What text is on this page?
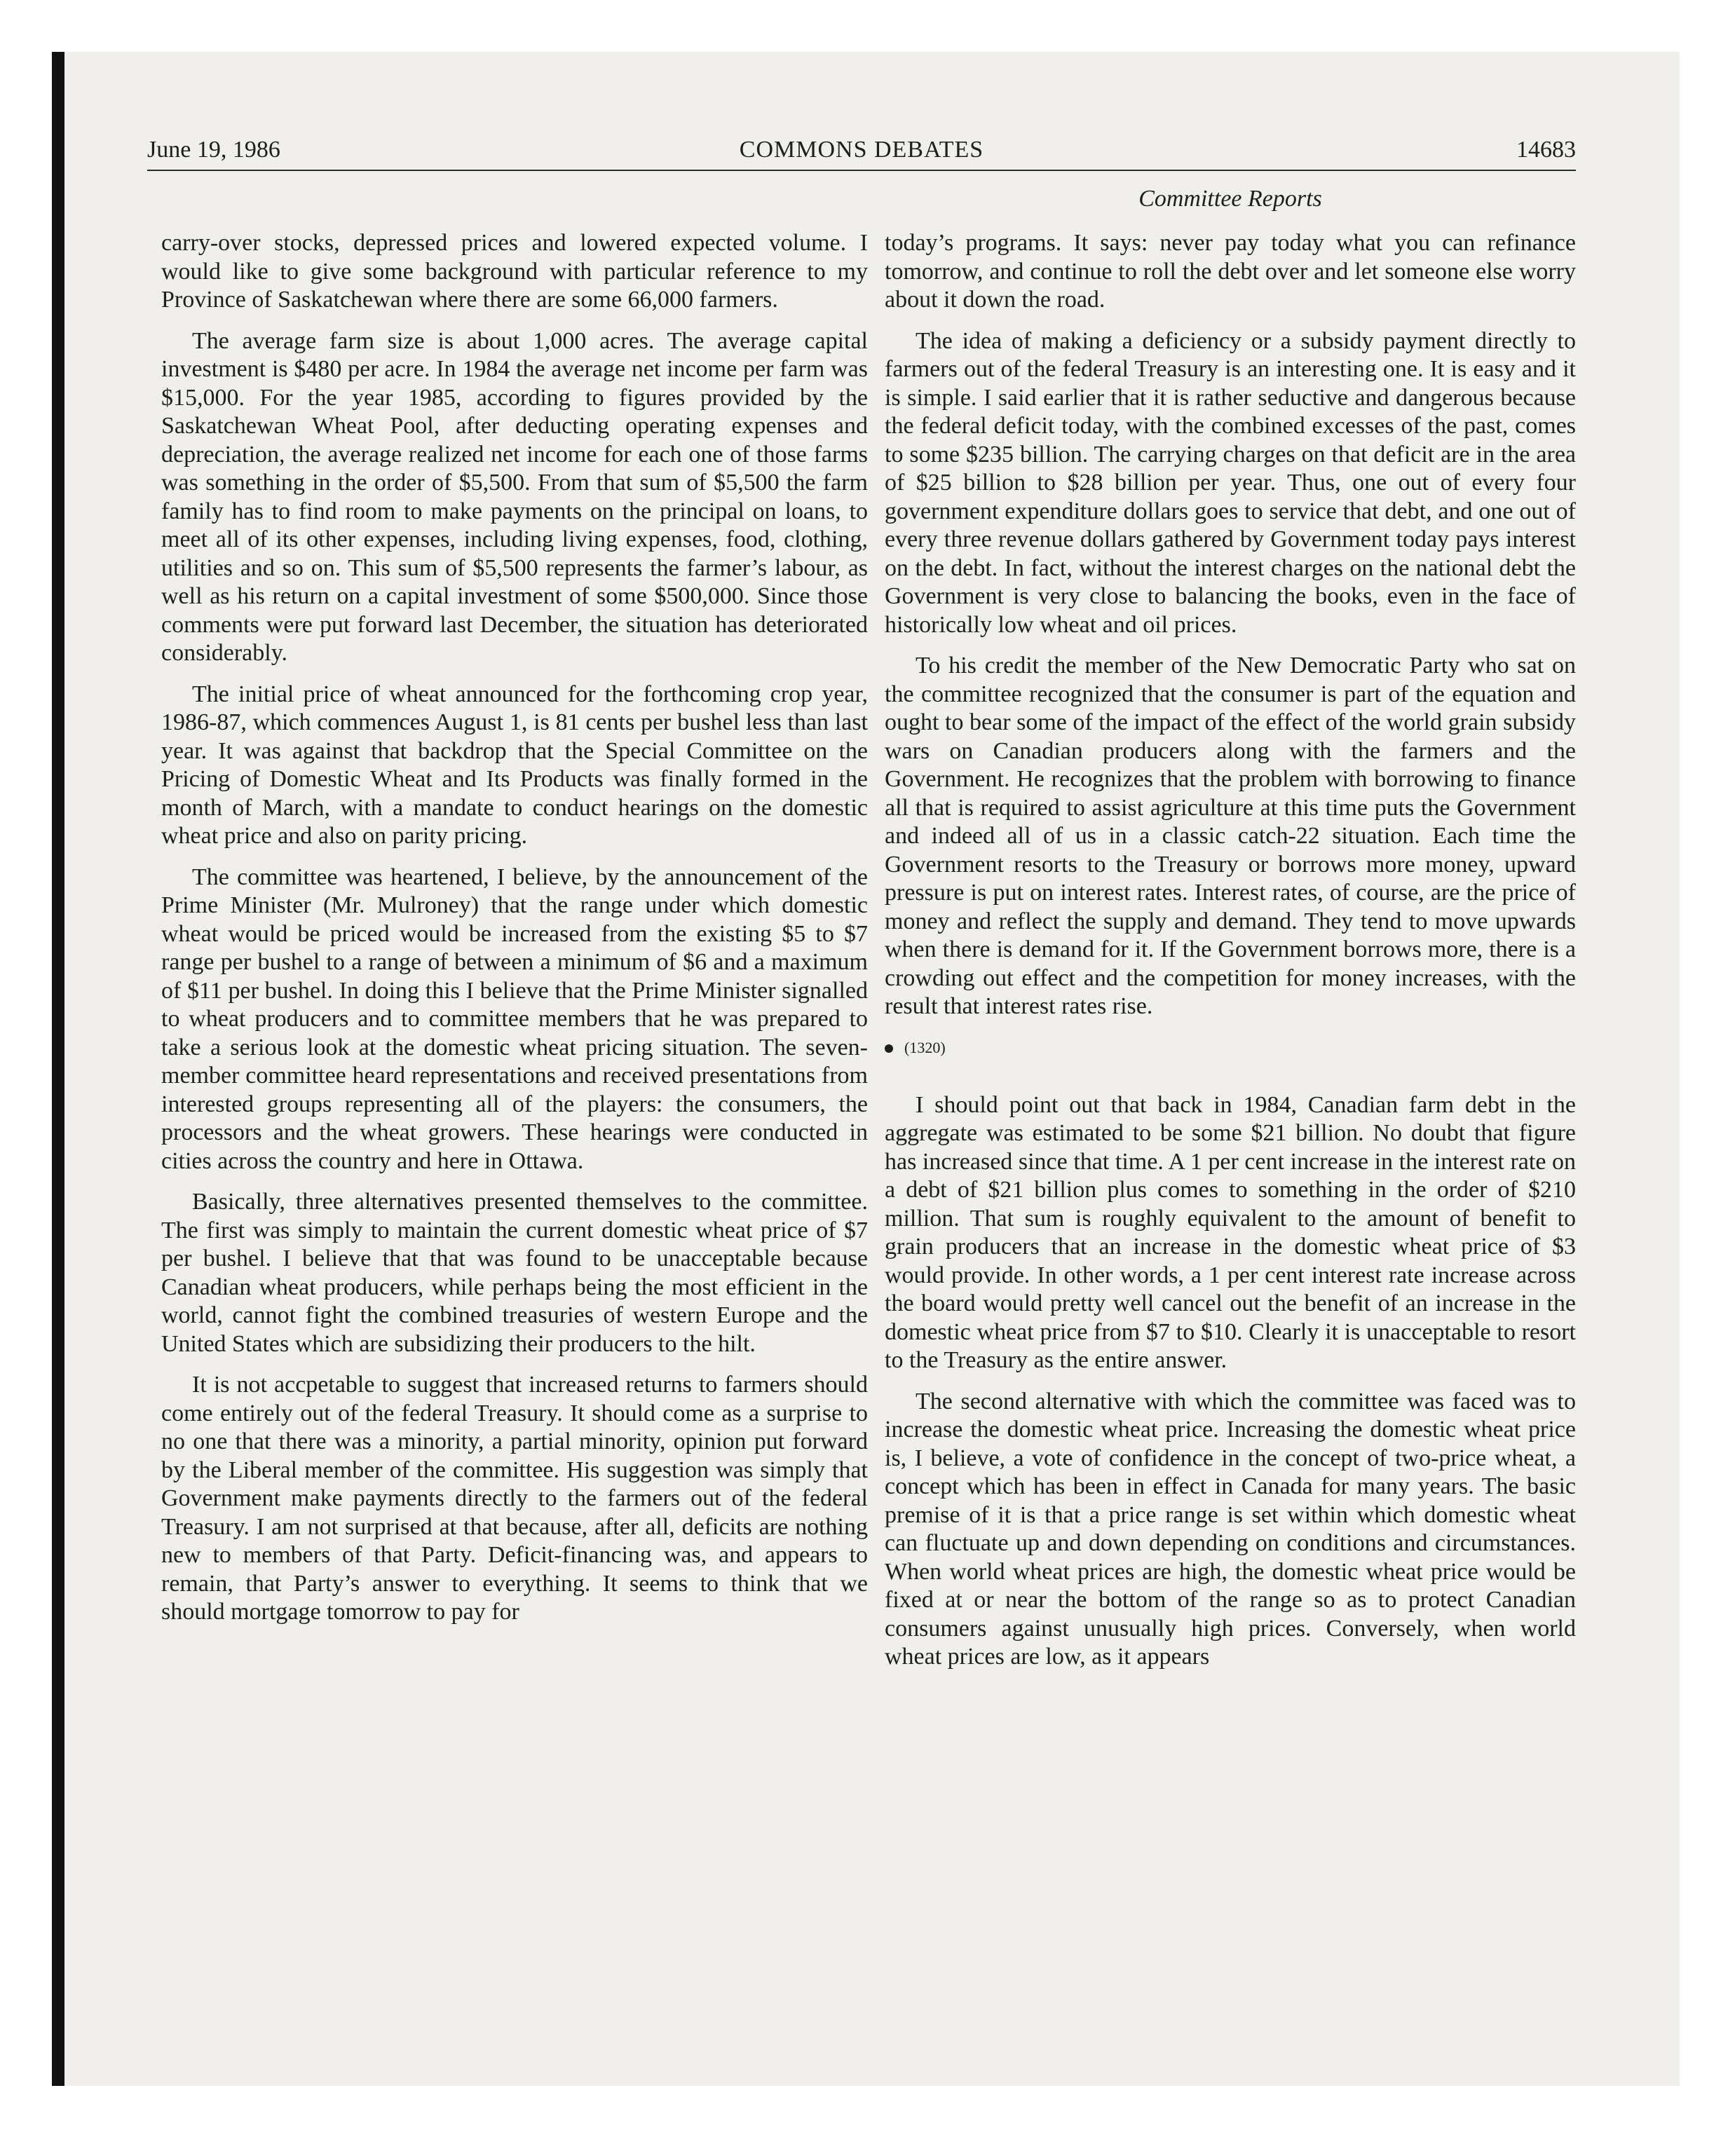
June 19, 1986	COMMONS DEBATES	14683
Committee Reports

carry-over stocks, depressed prices and lowered expected volume. I would like to give some background with particular reference to my Province of Saskatchewan where there are some 66,000 farmers.

The average farm size is about 1,000 acres. The average capital investment is $480 per acre. In 1984 the average net income per farm was $15,000. For the year 1985, according to figures provided by the Saskatchewan Wheat Pool, after deducting operating expenses and depreciation, the average realized net income for each one of those farms was something in the order of $5,500. From that sum of $5,500 the farm family has to find room to make payments on the principal on loans, to meet all of its other expenses, including living expenses, food, clothing, utilities and so on. This sum of $5,500 represents the farmer’s labour, as well as his return on a capital investment of some $500,000. Since those comments were put forward last December, the situation has deteriorated considerably.

The initial price of wheat announced for the forthcoming crop year, 1986-87, which commences August 1, is 81 cents per bushel less than last year. It was against that backdrop that the Special Committee on the Pricing of Domestic Wheat and Its Products was finally formed in the month of March, with a mandate to conduct hearings on the domestic wheat price and also on parity pricing.

The committee was heartened, I believe, by the announcement of the Prime Minister (Mr. Mulroney) that the range under which domestic wheat would be priced would be increased from the existing $5 to $7 range per bushel to a range of between a minimum of $6 and a maximum of $11 per bushel. In doing this I believe that the Prime Minister signalled to wheat producers and to committee members that he was prepared to take a serious look at the domestic wheat pricing situation. The seven-member committee heard representations and received presentations from interested groups representing all of the players: the consumers, the processors and the wheat growers. These hearings were conducted in cities across the country and here in Ottawa.

Basically, three alternatives presented themselves to the committee. The first was simply to maintain the current domestic wheat price of $7 per bushel. I believe that that was found to be unacceptable because Canadian wheat producers, while perhaps being the most efficient in the world, cannot fight the combined treasuries of western Europe and the United States which are subsidizing their producers to the hilt.

It is not accpetable to suggest that increased returns to farmers should come entirely out of the federal Treasury. It should come as a surprise to no one that there was a minority, a partial minority, opinion put forward by the Liberal member of the committee. His suggestion was simply that Government make payments directly to the farmers out of the federal Treasury. I am not surprised at that because, after all, deficits are nothing new to members of that Party. Deficit-financing was, and appears to remain, that Party’s answer to everything. It seems to think that we should mortgage tomorrow to pay for

today’s programs. It says: never pay today what you can refinance tomorrow, and continue to roll the debt over and let someone else worry about it down the road.

The idea of making a deficiency or a subsidy payment directly to farmers out of the federal Treasury is an interesting one. It is easy and it is simple. I said earlier that it is rather seductive and dangerous because the federal deficit today, with the combined excesses of the past, comes to some $235 billion. The carrying charges on that deficit are in the area of $25 billion to $28 billion per year. Thus, one out of every four government expenditure dollars goes to service that debt, and one out of every three revenue dollars gathered by Government today pays interest on the debt. In fact, without the interest charges on the national debt the Government is very close to balancing the books, even in the face of historically low wheat and oil prices.

To his credit the member of the New Democratic Party who sat on the committee recognized that the consumer is part of the equation and ought to bear some of the impact of the effect of the world grain subsidy wars on Canadian producers along with the farmers and the Government. He recognizes that the problem with borrowing to finance all that is required to assist agriculture at this time puts the Government and indeed all of us in a classic catch-22 situation. Each time the Government resorts to the Treasury or borrows more money, upward pressure is put on interest rates. Interest rates, of course, are the price of money and reflect the supply and demand. They tend to move upwards when there is demand for it. If the Government borrows more, there is a crowding out effect and the competition for money increases, with the result that interest rates rise.

(1320)

I should point out that back in 1984, Canadian farm debt in the aggregate was estimated to be some $21 billion. No doubt that figure has increased since that time. A 1 per cent increase in the interest rate on a debt of $21 billion plus comes to something in the order of $210 million. That sum is roughly equivalent to the amount of benefit to grain producers that an increase in the domestic wheat price of $3 would provide. In other words, a 1 per cent interest rate increase across the board would pretty well cancel out the benefit of an increase in the domestic wheat price from $7 to $10. Clearly it is unacceptable to resort to the Treasury as the entire answer.

The second alternative with which the committee was faced was to increase the domestic wheat price. Increasing the domestic wheat price is, I believe, a vote of confidence in the concept of two-price wheat, a concept which has been in effect in Canada for many years. The basic premise of it is that a price range is set within which domestic wheat can fluctuate up and down depending on conditions and circumstances. When world wheat prices are high, the domestic wheat price would be fixed at or near the bottom of the range so as to protect Canadian consumers against unusually high prices. Conversely, when world wheat prices are low, as it appears
